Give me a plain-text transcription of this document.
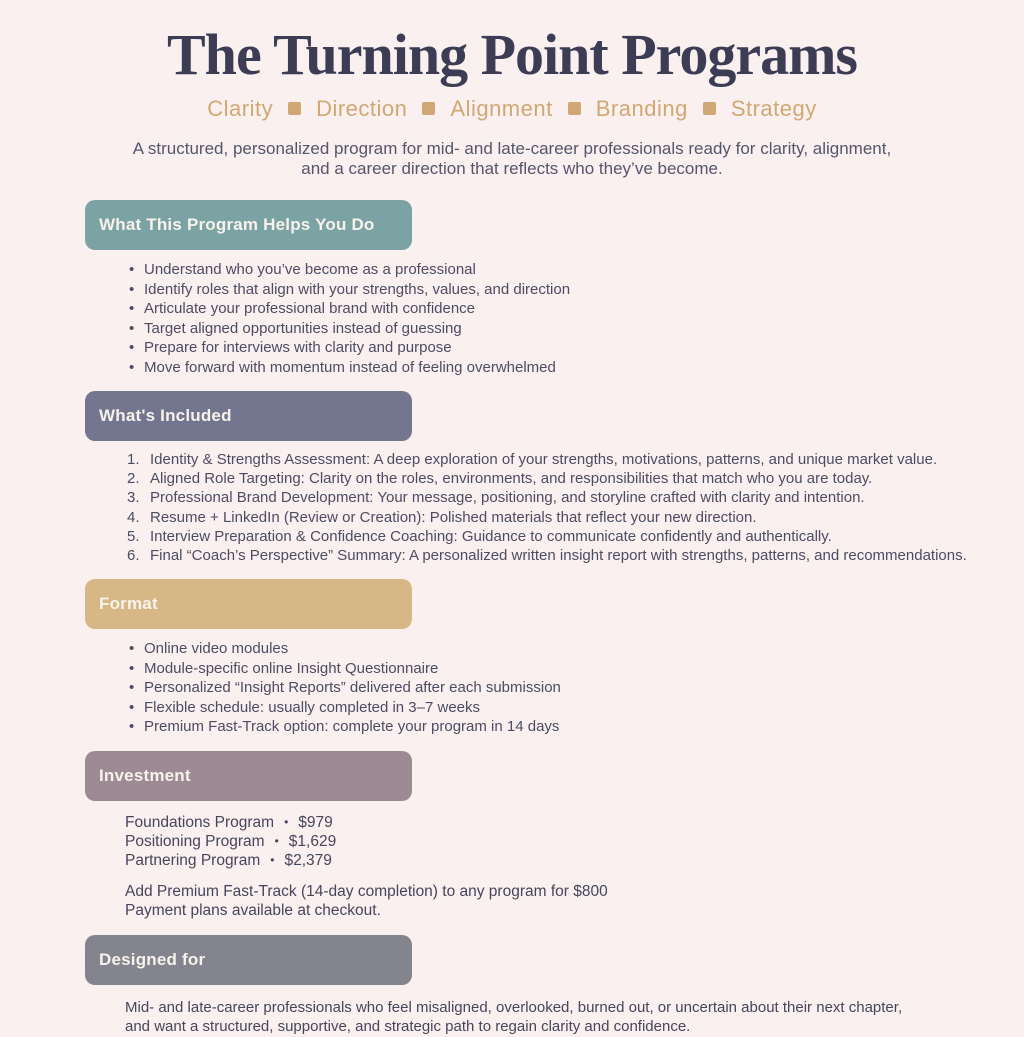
The Turning Point Programs
Clarity Direction Alignment Branding Strategy
A structured, personalized program for mid- and late-career professionals ready for clarity, alignment,
and a career direction that reflects who they’ve become.
What This Program Helps You Do
• Understand who you’ve become as a professional
• Identify roles that align with your strengths, values, and direction
• Articulate your professional brand with confidence
• Target aligned opportunities instead of guessing
• Prepare for interviews with clarity and purpose
• Move forward with momentum instead of feeling overwhelmed
What's Included
Identity & Strengths Assessment: A deep exploration of your strengths, motivations, patterns, and unique market value.
Aligned Role Targeting: Clarity on the roles, environments, and responsibilities that match who you are today.
Professional Brand Development: Your message, positioning, and storyline crafted with clarity and intention.
Resume + LinkedIn (Review or Creation): Polished materials that reflect your new direction.
Interview Preparation & Confidence Coaching: Guidance to communicate confidently and authentically.
Final “Coach’s Perspective” Summary: A personalized written insight report with strengths, patterns, and recommendations.
Format
• Online video modules
• Module-specific online Insight Questionnaire
• Personalized “Insight Reports” delivered after each submission
• Flexible schedule: usually completed in 3–7 weeks
• Premium Fast-Track option: complete your program in 14 days
Investment
Foundations Program • $979
Positioning Program • $1,629
Partnering Program • $2,379
Add Premium Fast-Track (14-day completion) to any program for $800
Payment plans available at checkout.
Designed for
Mid- and late-career professionals who feel misaligned, overlooked, burned out, or uncertain about their next chapter,
and want a structured, supportive, and strategic path to regain clarity and confidence.
